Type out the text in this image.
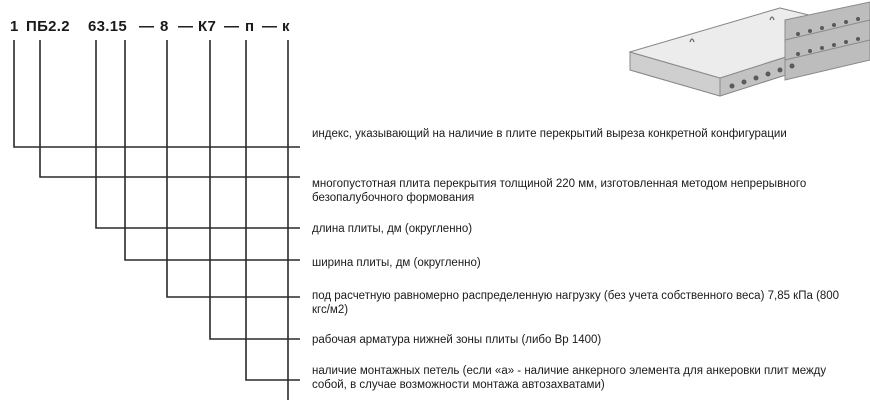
1 ПБ2.2 63.15 — 8 — К7 — п — к
индекс, указывающий на наличие в плите перекрытий выреза конкретной конфигурации
многопустотная плита перекрытия толщиной 220 мм, изготовленная методом непрерывного безопалубочного формования
длина плиты, дм (округленно)
ширина плиты, дм (округленно)
под расчетную равномерно распределенную нагрузку (без учета собственного веса) 7,85 кПа (800 кгс/м2)
рабочая арматура нижней зоны плиты (либо Вр 1400)
наличие монтажных петель (если «а» - наличие анкерного элемента для анкеровки плит между собой, в случае возможности монтажа автозахватами)
